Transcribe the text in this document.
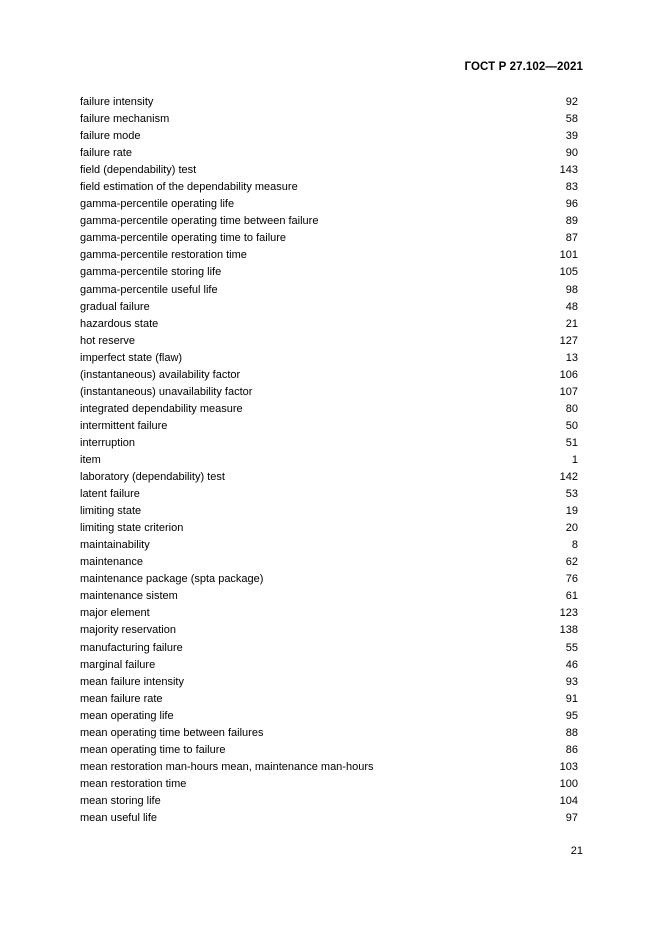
ГОСТ Р 27.102—2021
failure intensity	92
failure mechanism	58
failure mode	39
failure rate	90
field (dependability) test	143
field estimation of the dependability measure	83
gamma-percentile operating life	96
gamma-percentile operating time between failure	89
gamma-percentile operating time to failure	87
gamma-percentile restoration time	101
gamma-percentile storing life	105
gamma-percentile useful life	98
gradual failure	48
hazardous state	21
hot reserve	127
imperfect state (flaw)	13
(instantaneous) availability factor	106
(instantaneous) unavailability factor	107
integrated dependability measure	80
intermittent failure	50
interruption	51
item	1
laboratory (dependability) test	142
latent failure	53
limiting state	19
limiting state criterion	20
maintainability	8
maintenance	62
maintenance package (spta package)	76
maintenance sistem	61
major element	123
majority reservation	138
manufacturing failure	55
marginal failure	46
mean failure intensity	93
mean failure rate	91
mean operating life	95
mean operating time between failures	88
mean operating time to failure	86
mean restoration man-hours mean, maintenance man-hours	103
mean restoration time	100
mean storing life	104
mean useful life	97
21
